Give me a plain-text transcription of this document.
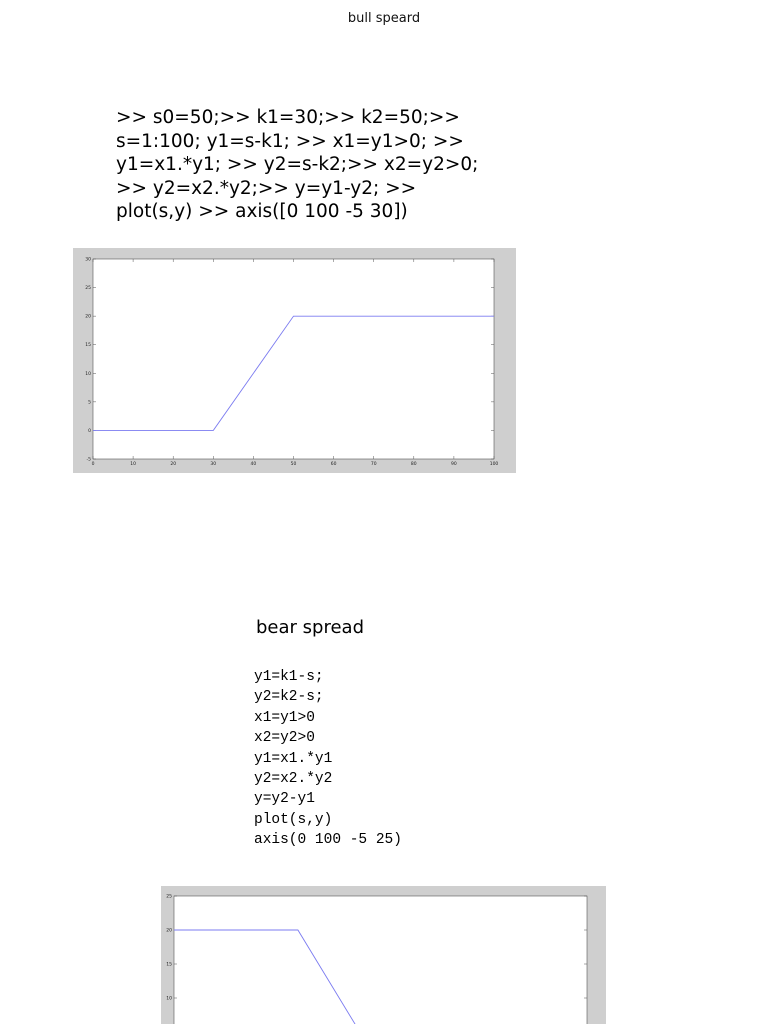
bull speard
>> s0=50;>> k1=30;>> k2=50;>> s=1:100; y1=s-k1; >> x1=y1>0; >> y1=x1.*y1; >> y2=s-k2;>> x2=y2>0; >> y2=x2.*y2;>> y=y1-y2; >> plot(s,y) >> axis([0 100 -5 30])
0	10	20	30	40	50	60	70	80	90	100
-5
0
5
10
15
20
25
30
bear spread
y1=k1-s;
y2=k2-s;
x1=y1>0
x2=y2>0
y1=x1.*y1
y2=x2.*y2
y=y2-y1
plot(s,y)
axis(0 100 -5 25)
10
15
20
25
